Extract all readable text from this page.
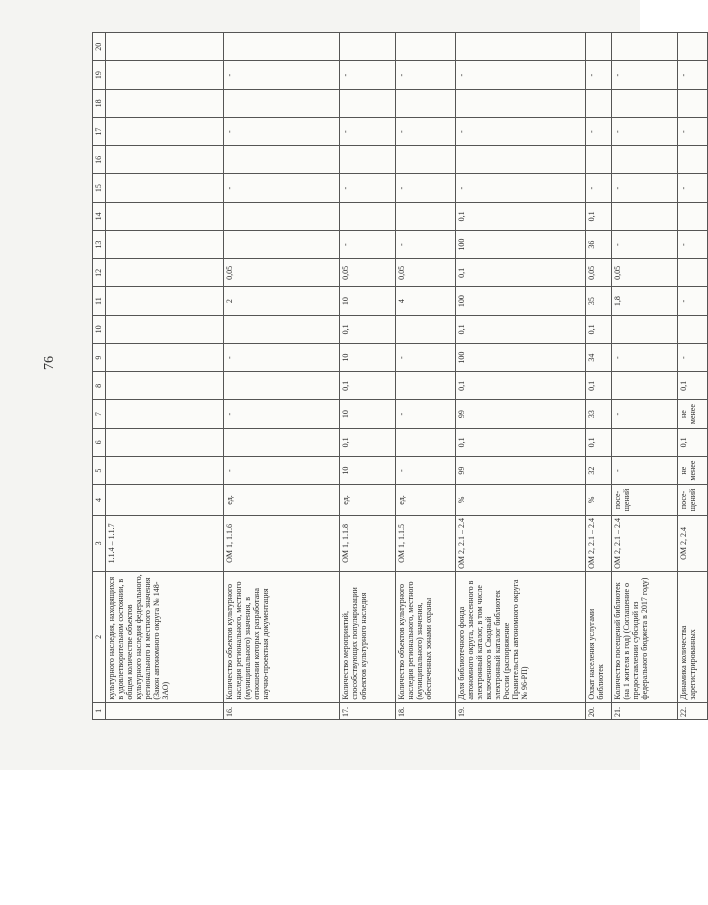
76
1	2	3	4	5	6	7	8	9	10	11	12	13	14	15	16	17	18	19	20
	культурного наследия, находящихся в удовлетворительном состоянии, в общем количестве объектов культурного наследия федерального, регионального и местного значения (Закон автономного округа № 148-ЗАО)	1.1.4 – 1.1.7																	
16.	Количество объектов культурного наследия регионального, местного (муниципального) значения, в отношении которых разработана научно-проектная документация	ОМ 1, 1.1.6	ед.	-		-		-		2	0,05			-		-		-	
17.	Количество мероприятий, способствующих популяризации объектов культурного наследия	ОМ 1, 1.1.8	ед.	10	0,1	10	0,1	10	0,1	10	0,05	-		-		-		-	
18.	Количество объектов культурного наследия регионального, местного (муниципального) значения, обеспеченных зонами охраны	ОМ 1, 1.1.5	ед.	-		-		-		4	0,05	-		-		-		-	
19.	Доля библиотечного фонда автономного округа, занесенного в электронный каталог, в том числе включенного в Сводный электронный каталог библиотек России (распоряжение Правительства автономного округа № 96-РП)	ОМ 2, 2.1 – 2.4	%	99	0,1	99	0,1	100	0,1	100	0,1	100	0,1	-		-		-	
20.	Охват населения услугами библиотек	ОМ 2, 2.1 – 2.4	%	32	0,1	33	0,1	34	0,1	35	0,05	36	0,1	-		-		-	
21.	Количество посещений библиотек (на 1 жителя в год) (Соглашение о предоставлении субсидий из федерального бюджета в 2017 году)	ОМ 2, 2.1 – 2.4	посе-щений	-		-		-		1,8	0,05	-		-		-		-	
22.	Динамика количества зарегистрированных	ОМ 2, 2.4	посе-щений	не менее	0,1	не менее	0,1	-		-		-		-		-		-	
